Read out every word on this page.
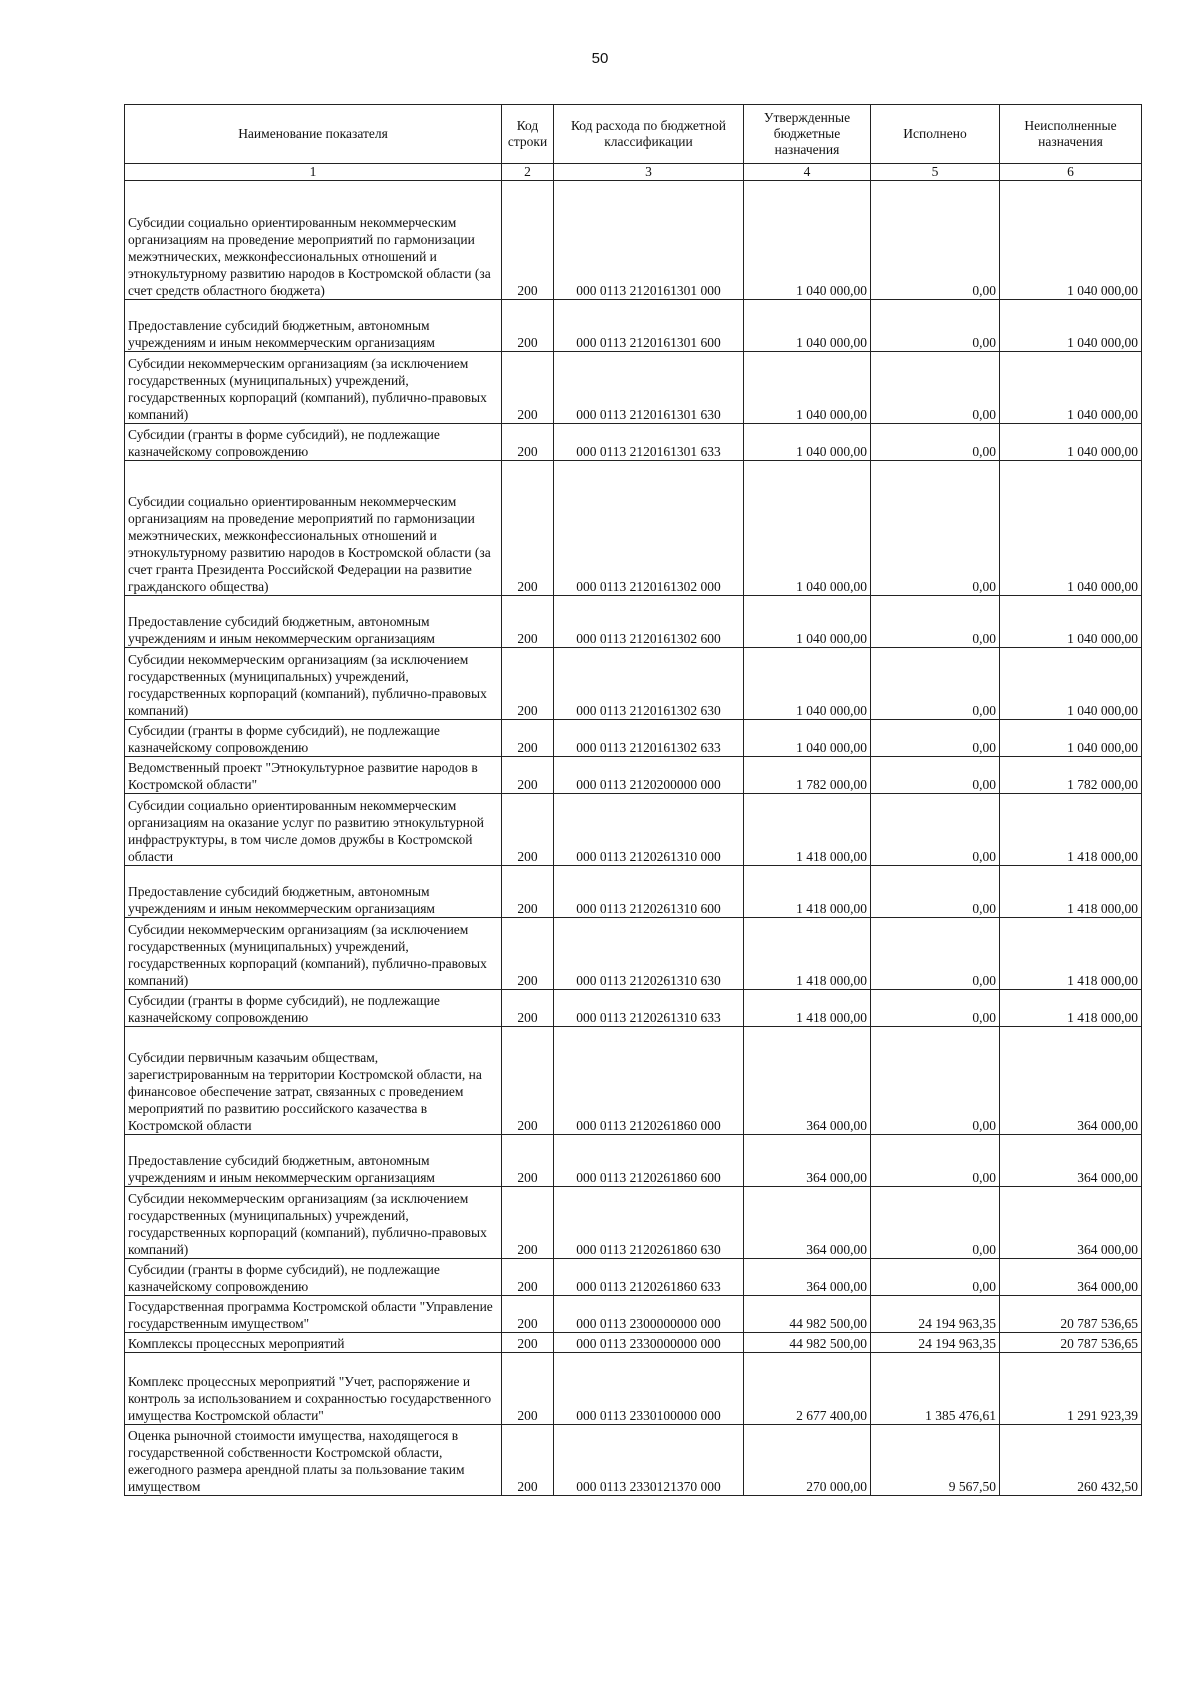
50
Наименование показателя	Код строки	Код расхода по бюджетной классификации	Утвержденные бюджетные назначения	Исполнено	Неисполненные назначения
1	2	3	4	5	6
Субсидии социально ориентированным некоммерческим организациям на проведение мероприятий по гармонизации межэтнических, межконфессиональных отношений и этнокультурному развитию народов в Костромской области (за счет средств областного бюджета)	200	000 0113 2120161301 000	1 040 000,00	0,00	1 040 000,00
Предоставление субсидий бюджетным, автономным учреждениям и иным некоммерческим организациям	200	000 0113 2120161301 600	1 040 000,00	0,00	1 040 000,00
Субсидии некоммерческим организациям (за исключением государственных (муниципальных) учреждений, государственных корпораций (компаний), публично-правовых компаний)	200	000 0113 2120161301 630	1 040 000,00	0,00	1 040 000,00
Субсидии (гранты в форме субсидий), не подлежащие казначейскому сопровождению	200	000 0113 2120161301 633	1 040 000,00	0,00	1 040 000,00
Субсидии социально ориентированным некоммерческим организациям на проведение мероприятий по гармонизации межэтнических, межконфессиональных отношений и этнокультурному развитию народов в Костромской области (за счет гранта Президента Российской Федерации на развитие гражданского общества)	200	000 0113 2120161302 000	1 040 000,00	0,00	1 040 000,00
Предоставление субсидий бюджетным, автономным учреждениям и иным некоммерческим организациям	200	000 0113 2120161302 600	1 040 000,00	0,00	1 040 000,00
Субсидии некоммерческим организациям (за исключением государственных (муниципальных) учреждений, государственных корпораций (компаний), публично-правовых компаний)	200	000 0113 2120161302 630	1 040 000,00	0,00	1 040 000,00
Субсидии (гранты в форме субсидий), не подлежащие казначейскому сопровождению	200	000 0113 2120161302 633	1 040 000,00	0,00	1 040 000,00
Ведомственный проект "Этнокультурное развитие народов в Костромской области"	200	000 0113 2120200000 000	1 782 000,00	0,00	1 782 000,00
Субсидии социально ориентированным некоммерческим организациям на оказание услуг по развитию этнокультурной инфраструктуры, в том числе домов дружбы в Костромской области	200	000 0113 2120261310 000	1 418 000,00	0,00	1 418 000,00
Предоставление субсидий бюджетным, автономным учреждениям и иным некоммерческим организациям	200	000 0113 2120261310 600	1 418 000,00	0,00	1 418 000,00
Субсидии некоммерческим организациям (за исключением государственных (муниципальных) учреждений, государственных корпораций (компаний), публично-правовых компаний)	200	000 0113 2120261310 630	1 418 000,00	0,00	1 418 000,00
Субсидии (гранты в форме субсидий), не подлежащие казначейскому сопровождению	200	000 0113 2120261310 633	1 418 000,00	0,00	1 418 000,00
Субсидии первичным казачьим обществам, зарегистрированным на территории Костромской области, на финансовое обеспечение затрат, связанных с проведением мероприятий по развитию российского казачества в Костромской области	200	000 0113 2120261860 000	364 000,00	0,00	364 000,00
Предоставление субсидий бюджетным, автономным учреждениям и иным некоммерческим организациям	200	000 0113 2120261860 600	364 000,00	0,00	364 000,00
Субсидии некоммерческим организациям (за исключением государственных (муниципальных) учреждений, государственных корпораций (компаний), публично-правовых компаний)	200	000 0113 2120261860 630	364 000,00	0,00	364 000,00
Субсидии (гранты в форме субсидий), не подлежащие казначейскому сопровождению	200	000 0113 2120261860 633	364 000,00	0,00	364 000,00
Государственная программа Костромской области "Управление государственным имуществом"	200	000 0113 2300000000 000	44 982 500,00	24 194 963,35	20 787 536,65
Комплексы процессных мероприятий	200	000 0113 2330000000 000	44 982 500,00	24 194 963,35	20 787 536,65
Комплекс процессных мероприятий "Учет, распоряжение и контроль за использованием и сохранностью государственного имущества Костромской области"	200	000 0113 2330100000 000	2 677 400,00	1 385 476,61	1 291 923,39
Оценка рыночной стоимости имущества, находящегося в государственной собственности Костромской области, ежегодного размера арендной платы за пользование таким имуществом	200	000 0113 2330121370 000	270 000,00	9 567,50	260 432,50
